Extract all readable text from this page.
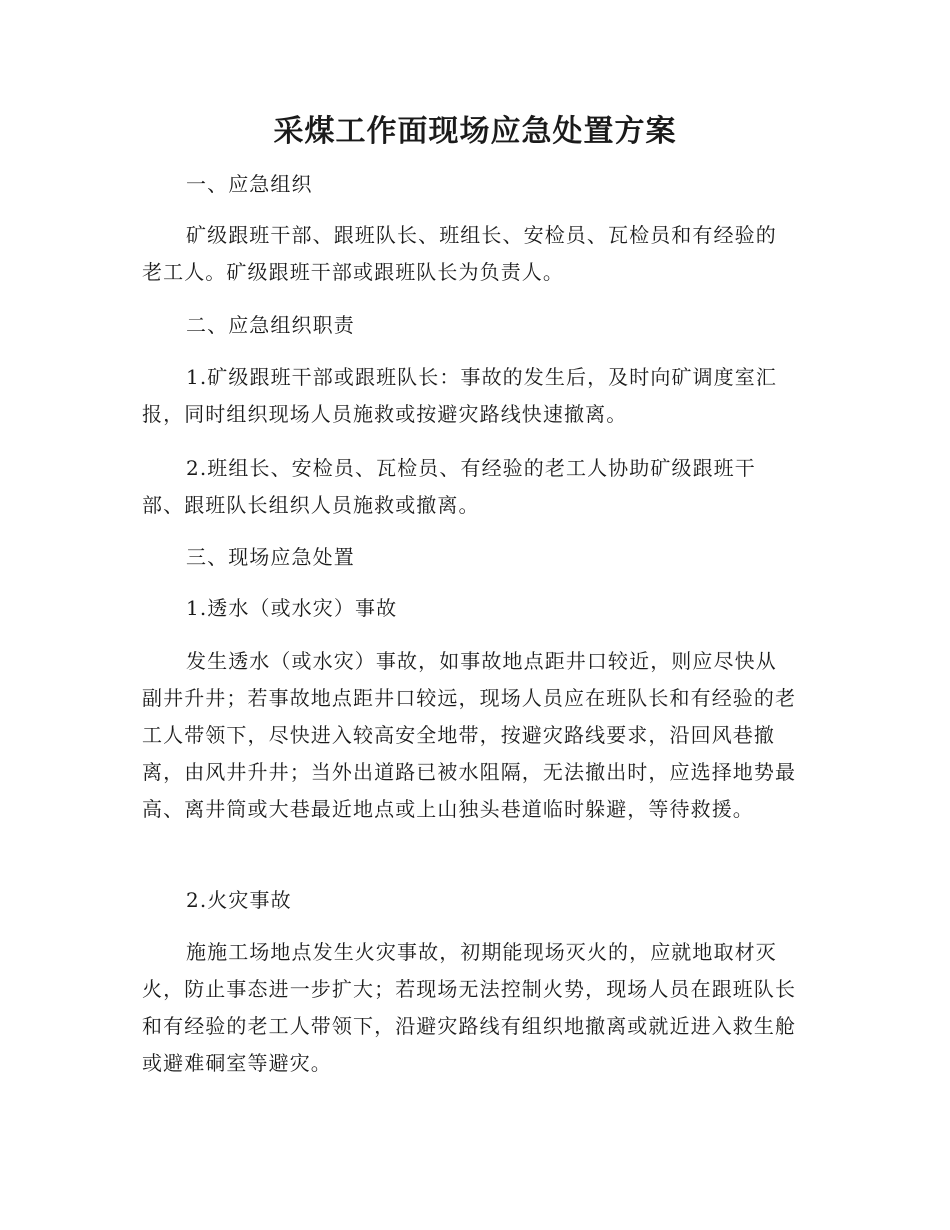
采煤工作面现场应急处置方案

一、应急组织

矿级跟班干部、跟班队长、班组长、安检员、瓦检员和有经验的老工人。矿级跟班干部或跟班队长为负责人。

二、应急组织职责

1.矿级跟班干部或跟班队长：事故的发生后，及时向矿调度室汇报，同时组织现场人员施救或按避灾路线快速撤离。

2.班组长、安检员、瓦检员、有经验的老工人协助矿级跟班干部、跟班队长组织人员施救或撤离。

三、现场应急处置

1.透水（或水灾）事故

发生透水（或水灾）事故，如事故地点距井口较近，则应尽快从副井升井；若事故地点距井口较远，现场人员应在班队长和有经验的老工人带领下，尽快进入较高安全地带，按避灾路线要求，沿回风巷撤离，由风井升井；当外出道路已被水阻隔，无法撤出时，应选择地势最高、离井筒或大巷最近地点或上山独头巷道临时躲避，等待救援。

2.火灾事故

施施工场地点发生火灾事故，初期能现场灭火的，应就地取材灭火，防止事态进一步扩大；若现场无法控制火势，现场人员在跟班队长和有经验的老工人带领下，沿避灾路线有组织地撤离或就近进入救生舱或避难硐室等避灾。
